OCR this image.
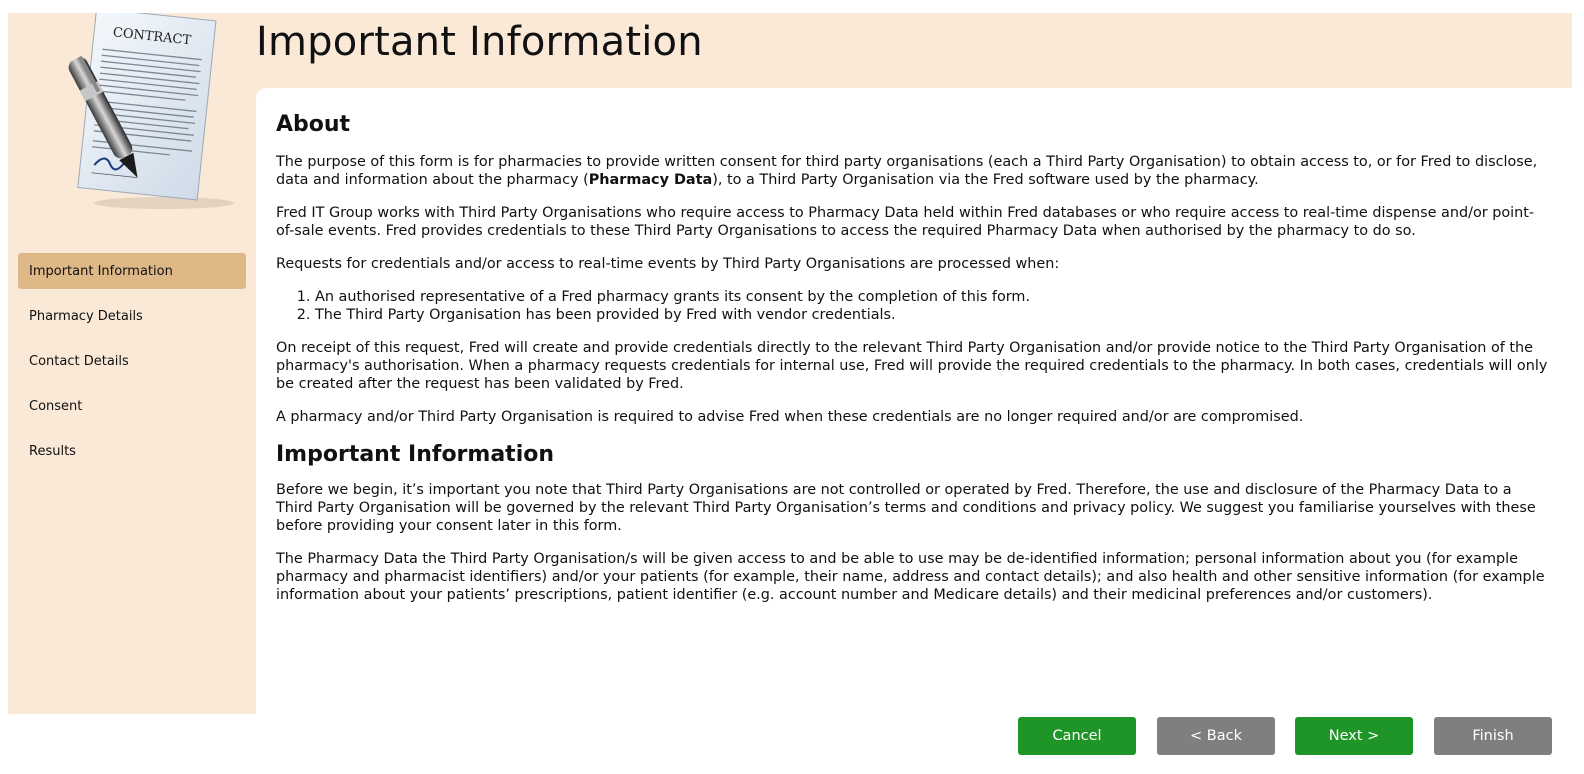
CONTRACT
Important Information
Pharmacy Details
Contact Details
Consent
Results
Important Information
About

The purpose of this form is for pharmacies to provide written consent for third party organisations (each a Third Party Organisation) to obtain access to, or for Fred to disclose, data and information about the pharmacy (Pharmacy Data), to a Third Party Organisation via the Fred software used by the pharmacy.

Fred IT Group works with Third Party Organisations who require access to Pharmacy Data held within Fred databases or who require access to real-time dispense and/or point-of-sale events. Fred provides credentials to these Third Party Organisations to access the required Pharmacy Data when authorised by the pharmacy to do so.

Requests for credentials and/or access to real-time events by Third Party Organisations are processed when:

1. An authorised representative of a Fred pharmacy grants its consent by the completion of this form.
2. The Third Party Organisation has been provided by Fred with vendor credentials.

On receipt of this request, Fred will create and provide credentials directly to the relevant Third Party Organisation and/or provide notice to the Third Party Organisation of the pharmacy's authorisation. When a pharmacy requests credentials for internal use, Fred will provide the required credentials to the pharmacy. In both cases, credentials will only be created after the request has been validated by Fred.

A pharmacy and/or Third Party Organisation is required to advise Fred when these credentials are no longer required and/or are compromised.

Important Information

Before we begin, it’s important you note that Third Party Organisations are not controlled or operated by Fred. Therefore, the use and disclosure of the Pharmacy Data to a Third Party Organisation will be governed by the relevant Third Party Organisation’s terms and conditions and privacy policy. We suggest you familiarise yourselves with these before providing your consent later in this form.

The Pharmacy Data the Third Party Organisation/s will be given access to and be able to use may be de-identified information; personal information about you (for example pharmacy and pharmacist identifiers) and/or your patients (for example, their name, address and contact details); and also health and other sensitive information (for example information about your patients’ prescriptions, patient identifier (e.g. account number and Medicare details) and their medicinal preferences and/or customers).

Cancel	< Back	Next >	Finish
